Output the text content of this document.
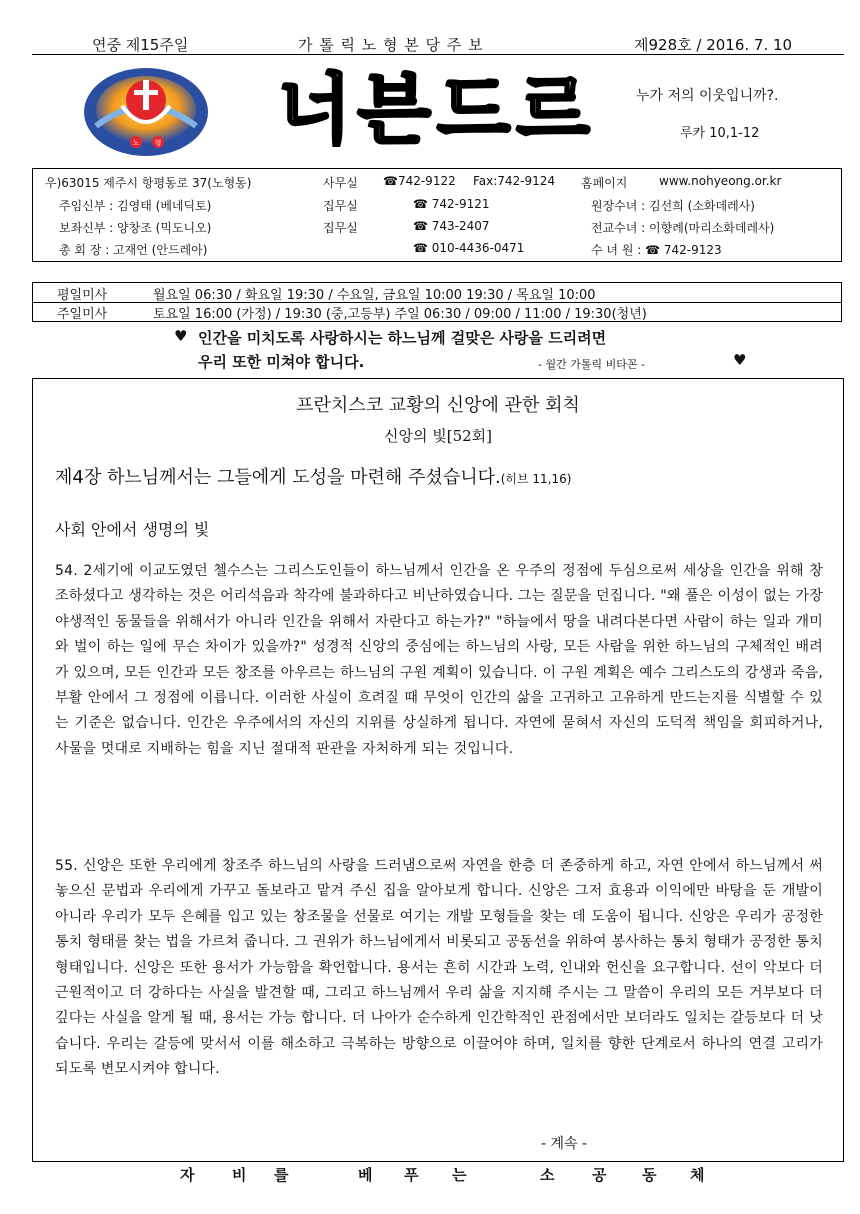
연중 제15주일	가 톨 릭 노 형 본 당 주 보	제928호 / 2016. 7. 10
노 형 너븐드르	누가 저의 이웃입니까?.
루카 10,1-12
우)63015 제주시 항평동로 37(노형동)	사무실 ☎742-9122 Fax:742-9124 홈페이지	www.nohyeong.or.kr
주임신부 : 김영태 (베네딕토)	집무실	☎ 742-9121	원장수녀 : 김선희 (소화데레사)
보좌신부 : 양창조 (믹도니오)	집무실	☎ 743-2407	전교수녀 : 이향례(마리소화데레사)
총 회 장 : 고재언 (안드레아)	☎ 010-4436-0471	수 녀 원 : ☎ 742-9123
평일미사	월요일 06:30 / 화요일 19:30 / 수요일, 금요일 10:00 19:30 / 목요일 10:00
주일미사	토요일 16:00 (가정) / 19:30 (중,고등부) 주일 06:30 / 09:00 / 11:00 / 19:30(청년)
♥ 인간을 미치도록 사랑하시는 하느님께 걸맞은 사랑을 드리려면
우리 또한 미쳐야 합니다.	- 월간 가톨릭 비타꼰 -	♥
프란치스코 교황의 신앙에 관한 회칙
신앙의 빛[52회]
제4장 하느님께서는 그들에게 도성을 마련해 주셨습니다.(히브 11,16)
사회 안에서 생명의 빛
54. 2세기에 이교도였던 첼수스는 그리스도인들이 하느님께서 인간을 온 우주의 정점에 두심으로써 세상을 인간을 위해 창조하셨다고 생각하는 것은 어리석음과 착각에 불과하다고 비난하였습니다. 그는 질문을 던집니다. "왜 풀은 이성이 없는 가장 야생적인 동물들을 위해서가 아니라 인간을 위해서 자란다고 하는가?" "하늘에서 땅을 내려다본다면 사람이 하는 일과 개미와 벌이 하는 일에 무슨 차이가 있을까?" 성경적 신앙의 중심에는 하느님의 사랑, 모든 사람을 위한 하느님의 구체적인 배려가 있으며, 모든 인간과 모든 창조를 아우르는 하느님의 구원 계획이 있습니다. 이 구원 계획은 예수 그리스도의 강생과 죽음, 부활 안에서 그 정점에 이릅니다. 이러한 사실이 흐려질 때 무엇이 인간의 삶을 고귀하고 고유하게 만드는지를 식별할 수 있는 기준은 없습니다. 인간은 우주에서의 자신의 지위를 상실하게 됩니다. 자연에 묻혀서 자신의 도덕적 책임을 회피하거나, 사물을 멋대로 지배하는 힘을 지닌 절대적 판관을 자처하게 되는 것입니다.
55. 신앙은 또한 우리에게 창조주 하느님의 사랑을 드러냄으로써 자연을 한층 더 존중하게 하고, 자연 안에서 하느님께서 써 놓으신 문법과 우리에게 가꾸고 돌보라고 맡겨 주신 집을 알아보게 합니다. 신앙은 그저 효용과 이익에만 바탕을 둔 개발이 아니라 우리가 모두 은혜를 입고 있는 창조물을 선물로 여기는 개발 모형들을 찾는 데 도움이 됩니다. 신앙은 우리가 공정한 통치 형태를 찾는 법을 가르쳐 줍니다. 그 권위가 하느님에게서 비롯되고 공동선을 위하여 봉사하는 통치 형태가 공정한 통치 형태입니다. 신앙은 또한 용서가 가능함을 확언합니다. 용서는 흔히 시간과 노력, 인내와 헌신을 요구합니다. 선이 악보다 더 근원적이고 더 강하다는 사실을 발견할 때, 그리고 하느님께서 우리 삶을 지지해 주시는 그 말씀이 우리의 모든 거부보다 더 깊다는 사실을 알게 될 때, 용서는 가능 합니다. 더 나아가 순수하게 인간학적인 관점에서만 보더라도 일치는 갈등보다 더 낫습니다. 우리는 갈등에 맞서서 이를 해소하고 극복하는 방향으로 이끌어야 하며, 일치를 향한 단계로서 하나의 연결 고리가 되도록 변모시켜야 합니다.
- 계속 -
자	비 를	베 푸 는	소	공 동 체
